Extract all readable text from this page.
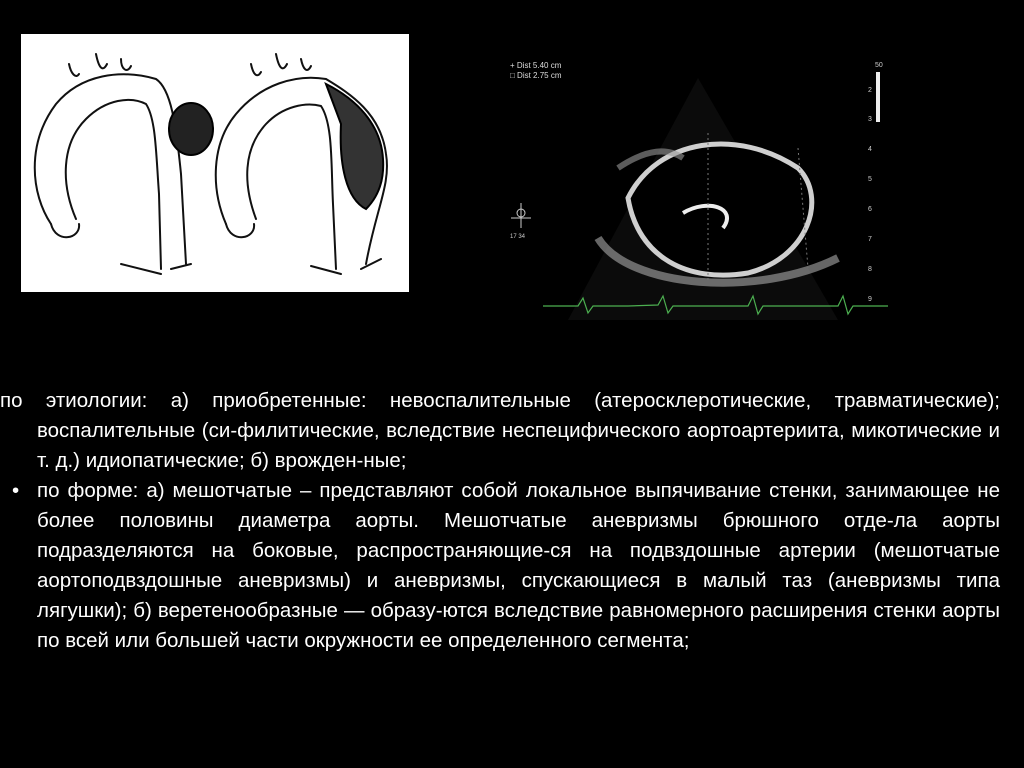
+ Dist 5.40 cm
□ Dist 2.75 cm
50
2
3
4
5
6
7
8
9
17 34

по этиологии: а) приобретенные: невоспалительные (атеросклеротические, травматические); воспалительные (си-филитические, вследствие неспецифического аортоартериита, микотические и т. д.) идиопатические; б) врожден-ные;

• по форме: а) мешотчатые – представляют собой локальное выпячивание стенки, занимающее не более половины диаметра аорты. Мешотчатые аневризмы брюшного отде-ла аорты подразделяются на боковые, распространяющие-ся на подвздошные артерии (мешотчатые аортоподвздошные аневризмы) и аневризмы, спускающиеся в малый таз (аневризмы типа лягушки); б) веретенообразные — образу-ются вследствие равномерного расширения стенки аорты по всей или большей части окружности ее определенного сегмента;
